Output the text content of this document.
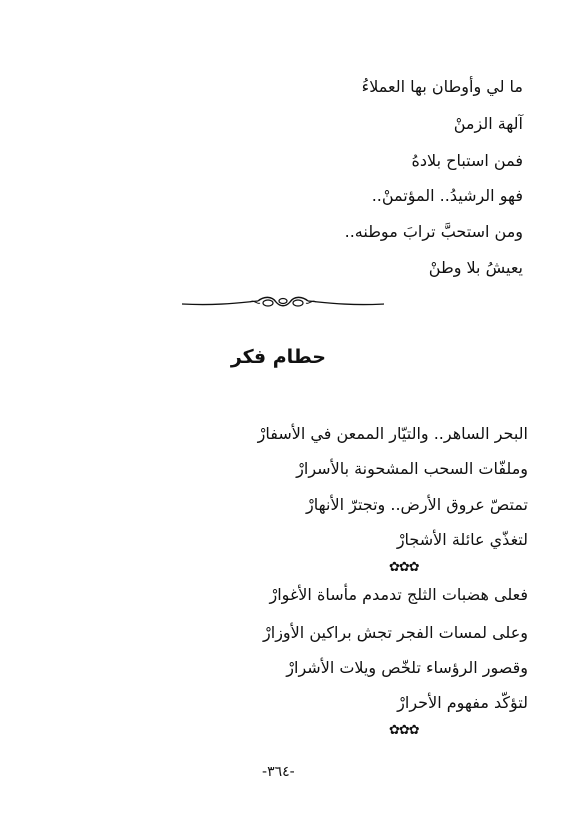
ما لي وأوطان بها العملاءُ
آلهة الزمنْ
فمن استباح بلادهُ
فهو الرشيدُ.. المؤتمنْ..
ومن استحبَّ ترابَ موطنه..
يعيشُ بلا وطنْ
حطام فكر
البحر الساهر.. والتيّار الممعن في الأسفارْ
وملفّات السحب المشحونة بالأسرارْ
تمتصّ عروق الأرض.. وتجترّ الأنهارْ
لتغذّي عائلة الأشجارْ
✿✿✿
فعلى هضبات الثلج تدمدم مأساة الأغوارْ
وعلى لمسات الفجر تجش براكين الأوزارْ
وقصور الرؤساء تلخّص ويلات الأشرارْ
لتؤكّد مفهوم الأحرارْ
✿✿✿
-٣٦٤-
